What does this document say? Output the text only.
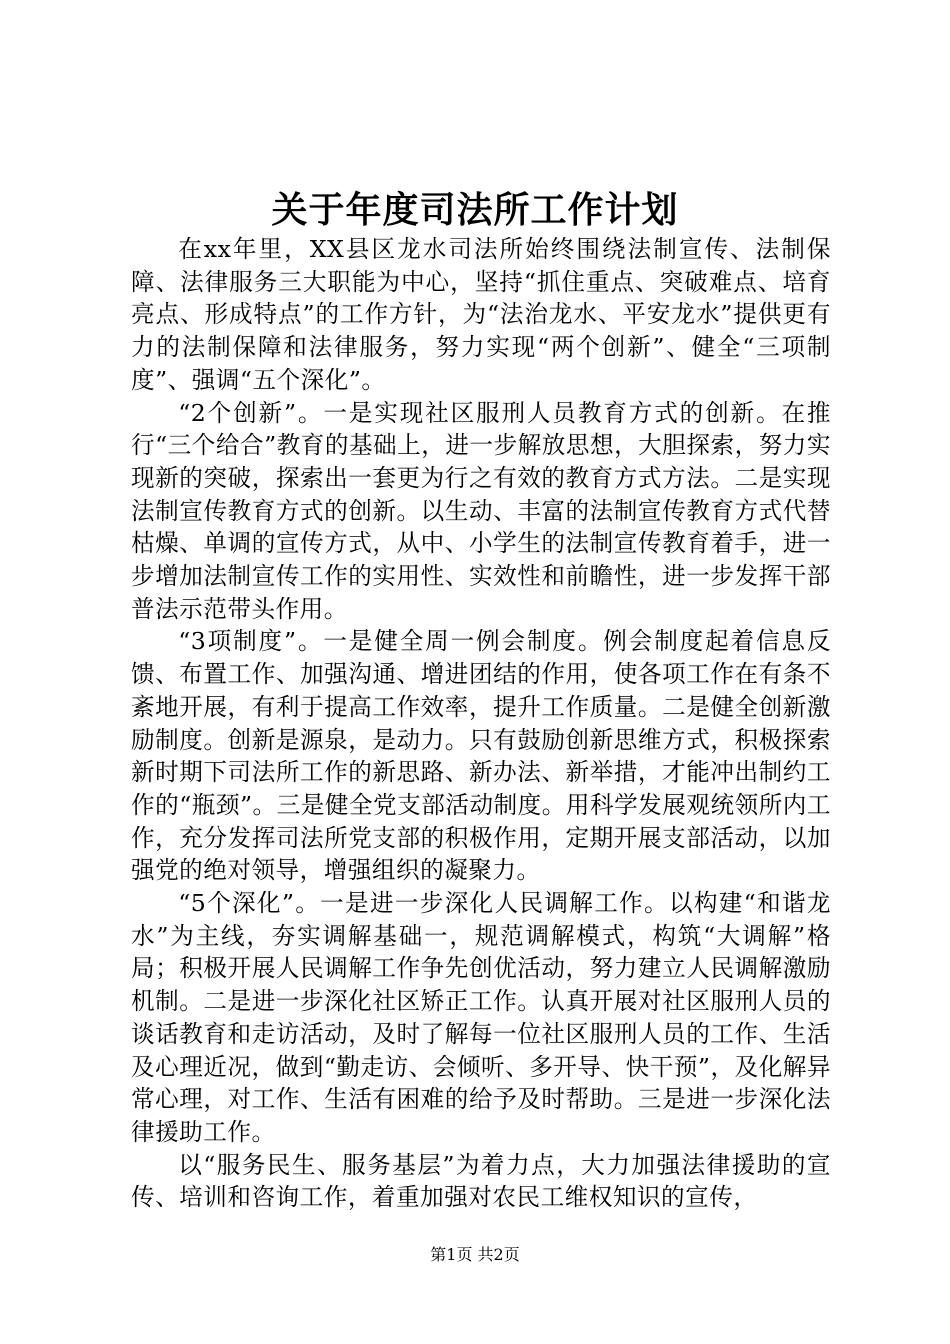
关于年度司法所工作计划

在xx年里，XX县区龙水司法所始终围绕法制宣传、法制保障、法律服务三大职能为中心，坚持“抓住重点、突破难点、培育亮点、形成特点”的工作方针，为“法治龙水、平安龙水”提供更有力的法制保障和法律服务，努力实现“两个创新”、健全“三项制度”、强调“五个深化”。

“2个创新”。一是实现社区服刑人员教育方式的创新。在推行“三个给合”教育的基础上，进一步解放思想，大胆探索，努力实现新的突破，探索出一套更为行之有效的教育方式方法。二是实现法制宣传教育方式的创新。以生动、丰富的法制宣传教育方式代替枯燥、单调的宣传方式，从中、小学生的法制宣传教育着手，进一步增加法制宣传工作的实用性、实效性和前瞻性，进一步发挥干部普法示范带头作用。

“3项制度”。一是健全周一例会制度。例会制度起着信息反馈、布置工作、加强沟通、增进团结的作用，使各项工作在有条不紊地开展，有利于提高工作效率，提升工作质量。二是健全创新激励制度。创新是源泉，是动力。只有鼓励创新思维方式，积极探索新时期下司法所工作的新思路、新办法、新举措，才能冲出制约工作的“瓶颈”。三是健全党支部活动制度。用科学发展观统领所内工作，充分发挥司法所党支部的积极作用，定期开展支部活动，以加强党的绝对领导，增强组织的凝聚力。

“5个深化”。一是进一步深化人民调解工作。以构建“和谐龙水”为主线，夯实调解基础一，规范调解模式，构筑“大调解”格局；积极开展人民调解工作争先创优活动，努力建立人民调解激励机制。二是进一步深化社区矫正工作。认真开展对社区服刑人员的谈话教育和走访活动，及时了解每一位社区服刑人员的工作、生活及心理近况，做到“勤走访、会倾听、多开导、快干预”，及化解异常心理，对工作、生活有困难的给予及时帮助。三是进一步深化法律援助工作。

以“服务民生、服务基层”为着力点，大力加强法律援助的宣传、培训和咨询工作，着重加强对农民工维权知识的宣传，

第1页 共2页
